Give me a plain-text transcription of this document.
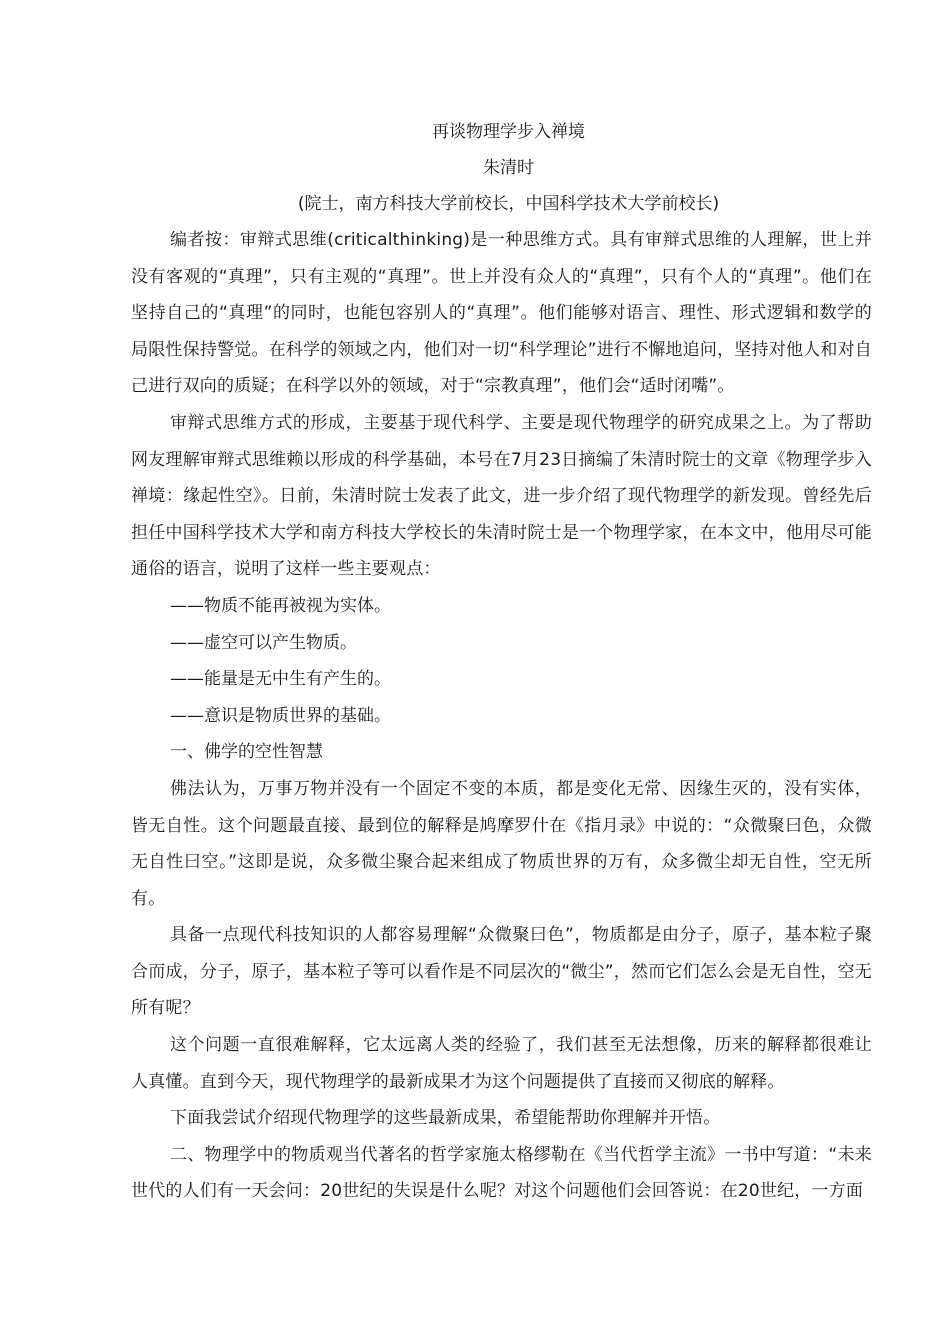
再谈物理学步入禅境
朱清时
(院士，南方科技大学前校长，中国科学技术大学前校长)

编者按：审辩式思维(criticalthinking)是一种思维方式。具有审辩式思维的人理解，世上并没有客观的“真理”，只有主观的“真理”。世上并没有众人的“真理”，只有个人的“真理”。他们在坚持自己的“真理”的同时，也能包容别人的“真理”。他们能够对语言、理性、形式逻辑和数学的局限性保持警觉。在科学的领域之内，他们对一切“科学理论”进行不懈地追问，坚持对他人和对自己进行双向的质疑；在科学以外的领域，对于“宗教真理”，他们会“适时闭嘴”。

审辩式思维方式的形成，主要基于现代科学、主要是现代物理学的研究成果之上。为了帮助网友理解审辩式思维赖以形成的科学基础，本号在7月23日摘编了朱清时院士的文章《物理学步入禅境：缘起性空》。日前，朱清时院士发表了此文，进一步介绍了现代物理学的新发现。曾经先后担任中国科学技术大学和南方科技大学校长的朱清时院士是一个物理学家，在本文中，他用尽可能通俗的语言，说明了这样一些主要观点：

——物质不能再被视为实体。

——虚空可以产生物质。

——能量是无中生有产生的。

——意识是物质世界的基础。

一、佛学的空性智慧

佛法认为，万事万物并没有一个固定不变的本质，都是变化无常、因缘生灭的，没有实体，皆无自性。这个问题最直接、最到位的解释是鸠摩罗什在《指月录》中说的：“众微聚曰色，众微无自性曰空。”这即是说，众多微尘聚合起来组成了物质世界的万有，众多微尘却无自性，空无所有。

具备一点现代科技知识的人都容易理解“众微聚曰色”，物质都是由分子，原子，基本粒子聚合而成，分子，原子，基本粒子等可以看作是不同层次的“微尘”，然而它们怎么会是无自性，空无所有呢？

这个问题一直很难解释，它太远离人类的经验了，我们甚至无法想像，历来的解释都很难让人真懂。直到今天，现代物理学的最新成果才为这个问题提供了直接而又彻底的解释。

下面我尝试介绍现代物理学的这些最新成果，希望能帮助你理解并开悟。

二、物理学中的物质观当代著名的哲学家施太格缪勒在《当代哲学主流》一书中写道：“未来世代的人们有一天会问：20世纪的失误是什么呢？对这个问题他们会回答说：在20世纪，一方面
